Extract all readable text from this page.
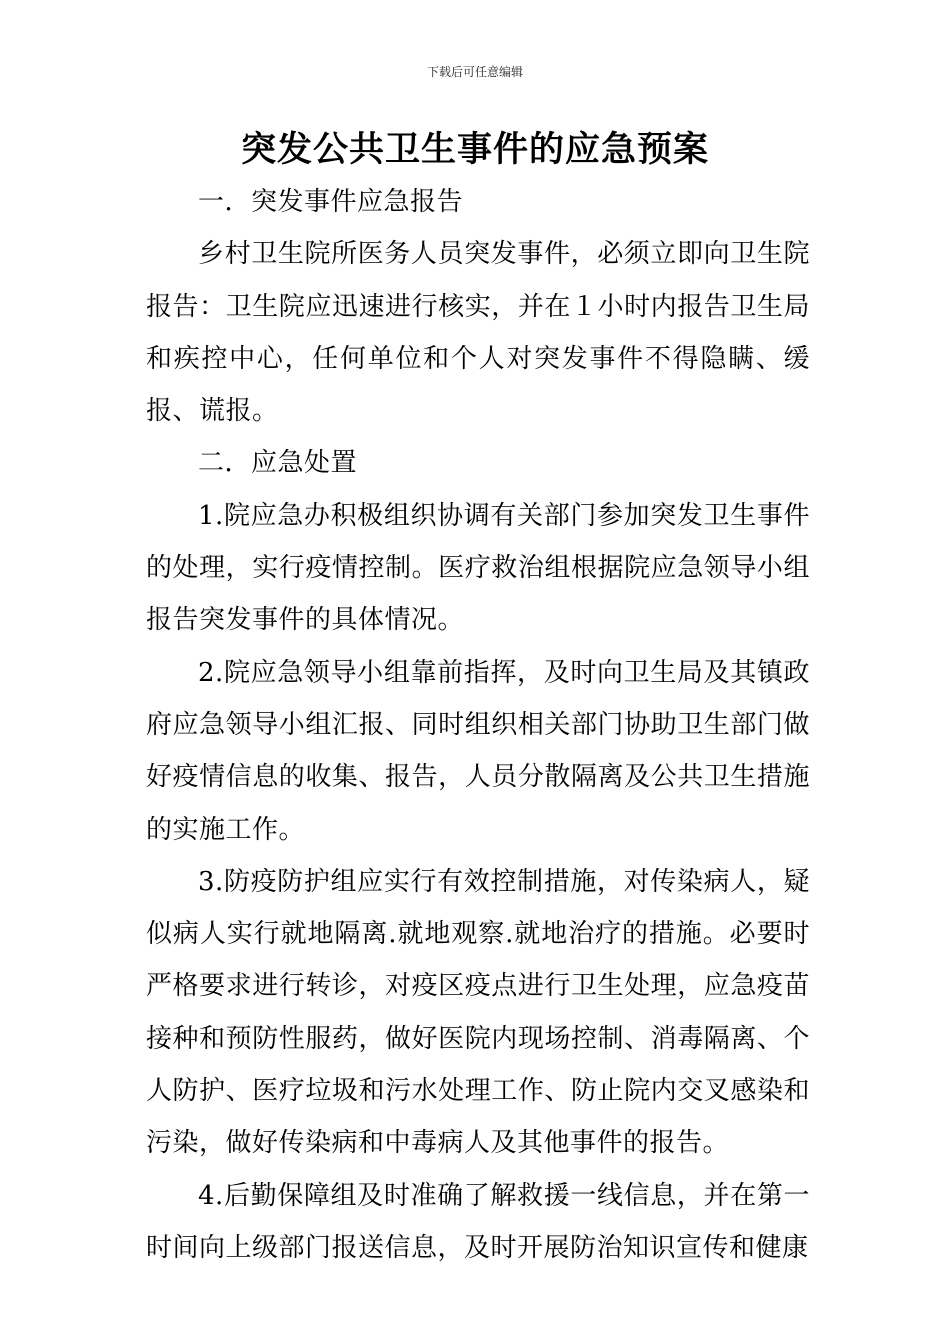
下载后可任意编辑
突发公共卫生事件的应急预案

一．突发事件应急报告

乡村卫生院所医务人员突发事件，必须立即向卫生院报告：卫生院应迅速进行核实，并在１小时内报告卫生局和疾控中心，任何单位和个人对突发事件不得隐瞒、缓报、谎报。

二．应急处置

1.院应急办积极组织协调有关部门参加突发卫生事件的处理，实行疫情控制。医疗救治组根据院应急领导小组报告突发事件的具体情况。

2.院应急领导小组靠前指挥，及时向卫生局及其镇政府应急领导小组汇报、同时组织相关部门协助卫生部门做好疫情信息的收集、报告，人员分散隔离及公共卫生措施的实施工作。

3.防疫防护组应实行有效控制措施，对传染病人，疑似病人实行就地隔离.就地观察.就地治疗的措施。必要时严格要求进行转诊，对疫区疫点进行卫生处理，应急疫苗接种和预防性服药，做好医院内现场控制、消毒隔离、个人防护、医疗垃圾和污水处理工作、防止院内交叉感染和污染，做好传染病和中毒病人及其他事件的报告。

4.后勤保障组及时准确了解救援一线信息，并在第一时间向上级部门报送信息，及时开展防治知识宣传和健康
